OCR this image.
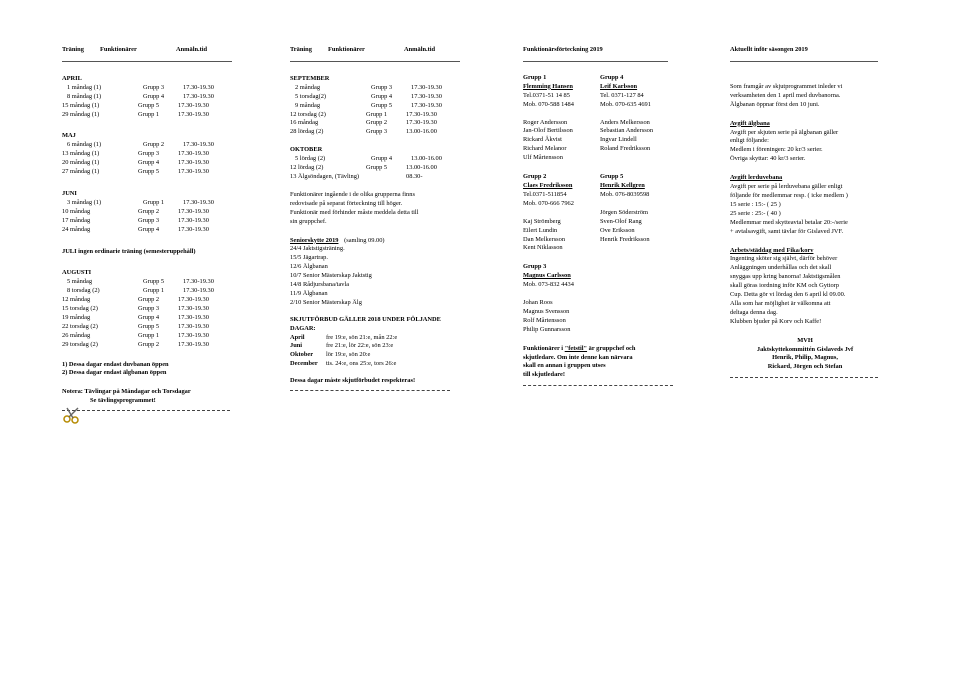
Träning	Funktionärer	Anmäln.tid
APRIL
1 måndag (1)	Grupp 3	17.30-19.30
8 måndag (1)	Grupp 4	17.30-19.30
15 måndag (1)	Grupp 5	17.30-19.30
29 måndag (1)	Grupp 1	17.30-19.30
MAJ
6 måndag (1)	Grupp 2	17.30-19.30
13 måndag (1)	Grupp 3	17.30-19.30
20 måndag (1)	Grupp 4	17.30-19.30
27 måndag (1)	Grupp 5	17.30-19.30
JUNI
3 måndag (1)	Grupp 1	17.30-19.30
10 måndag	Grupp 2	17.30-19.30
17 måndag	Grupp 3	17.30-19.30
24 måndag	Grupp 4	17.30-19.30
JULI ingen ordinarie träning (semesteruppehåll)
AUGUSTI
5 måndag	Grupp 5	17.30-19.30
8 torsdag (2)	Grupp 1	17.30-19.30
12 måndag	Grupp 2	17.30-19.30
15 torsdag (2)	Grupp 3	17.30-19.30
19 måndag	Grupp 4	17.30-19.30
22 torsdag (2)	Grupp 5	17.30-19.30
26 måndag	Grupp 1	17.30-19.30
29 torsdag (2)	Grupp 2	17.30-19.30
1) Dessa dagar endast duvbanan öppen
2) Dessa dagar endast älgbanan öppen
Notera: Tävlingar på Måndagar och Torsdagar
Se tävlingsprogrammet!
Träning	Funktionärer	Anmäln.tid
SEPTEMBER
2 måndag	Grupp 3	17.30-19.30
5 torsdag(2)	Grupp 4	17.30-19.30
9 måndag	Grupp 5	17.30-19.30
12 torsdag (2)	Grupp 1	17.30-19.30
16 måndag	Grupp 2	17.30-19.30
28 lördag (2)	Grupp 3	13.00-16.00
OKTOBER
5 lördag (2)	Grupp 4	13.00-16.00
12 lördag (2)	Grupp 5	13.00-16.00
13 Älgsöndagen, (Tävling)	08.30-
Funktionärer ingående i de olika grupperna finns
redovisade på separat förteckning till höger.
Funktionär med förhinder måste meddela detta till
sin gruppchef.
Seniorskytte 2019 (samling 09.00)
24/4 Jaktstigsträning.
15/5 Jägartrap.
12/6 Älgbanan
10/7 Senior Mästerskap Jaktstig
14/8 Rådjursbana/tavla
11/9 Älgbanan
2/10 Senior Mästerskap Älg
SKJUTFÖRBUD GÄLLER 2018 UNDER FÖLJANDE
DAGAR:
April	fre 19:e, sön 21:e, mån 22:e
Juni	fre 21:e, lör 22:e, sön 23:e
Oktober	lör 19:e, sön 20:e
December	tis. 24:e, ons 25:e, tors 26:e
Dessa dagar måste skjutförbudet respekteras!
Funktionärsförteckning 2019
Grupp 1
Flemming Hansen
Tel.0371-51 14 85
Mob. 070-588 1484
Roger Andersson
Jan-Olof Bertilsson
Rickard Åkvist
Richard Melanor
Ulf Mårtensson
Grupp 4
Leif Karlsson
Tel. 0371-127 84
Mob. 070-635 4691
Anders Melkersson
Sebastian Andersson
Ingvar Lindell
Roland Fredriksson
Grupp 2
Claes Fredriksson
Tel.0371-511854
Mob. 070-666 7962
Kaj Strömberg
Eilert Lundin
Dan Melkersson
Kent Niklasson
Grupp 5
Henrik Kellgren
Mob. 076-8039598
Jörgen Söderström
Sven-Olof Rang
Ove Eriksson
Henrik Fredriksson
Grupp 3
Magnus Carlsson
Mob. 073-832 4434
Johan Roos
Magnus Svensson
Rolf Mårtensson
Philip Gunnarsson
Funktionärer i "fetstil" är gruppchef och
skjutledare. Om inte denne kan närvara
skall en annan i gruppen utses
till skjutledare!
Aktuellt inför säsongen 2019
Som framgår av skjutprogrammet inleder vi
verksamheten den 1 april med duvbanorna.
Älgbanan öppnar först den 10 juni.
Avgift älgbana
Avgift per skjuten serie på älgbanan gäller
enligt följande:
Medlem i föreningen: 20 kr/3 serier.
Övriga skyttar: 40 kr/3 serier.
Avgift lerduvebana
Avgift per serie på lerduvebana gäller enligt
följande för medlemmar resp. ( icke medlem )
15 serie : 15:- ( 25 )
25 serie : 25:- ( 40 )
Medlemmar med skytteavtal betalar 20:-/serie
+ avtalsavgift, samt tävlar för Gislaved JVF.
Arbets/städdag med Fika/korv
Ingenting sköter sig självt, därför behöver
Anläggningen underhållas och det skall
snyggas upp kring banorna! Jaktstigsmålen
skall göras iordning inför KM och Gyttorp
Cup. Detta gör vi lördag den 6 april kl 09.00.
Alla som har möjlighet är välkomna att
deltaga denna dag.
Klubben bjuder på Korv och Kaffe!
MVH
Jaktskyttekommittén Gislaveds Jvf
Henrik, Philip, Magnus,
Rickard, Jörgen och Stefan
